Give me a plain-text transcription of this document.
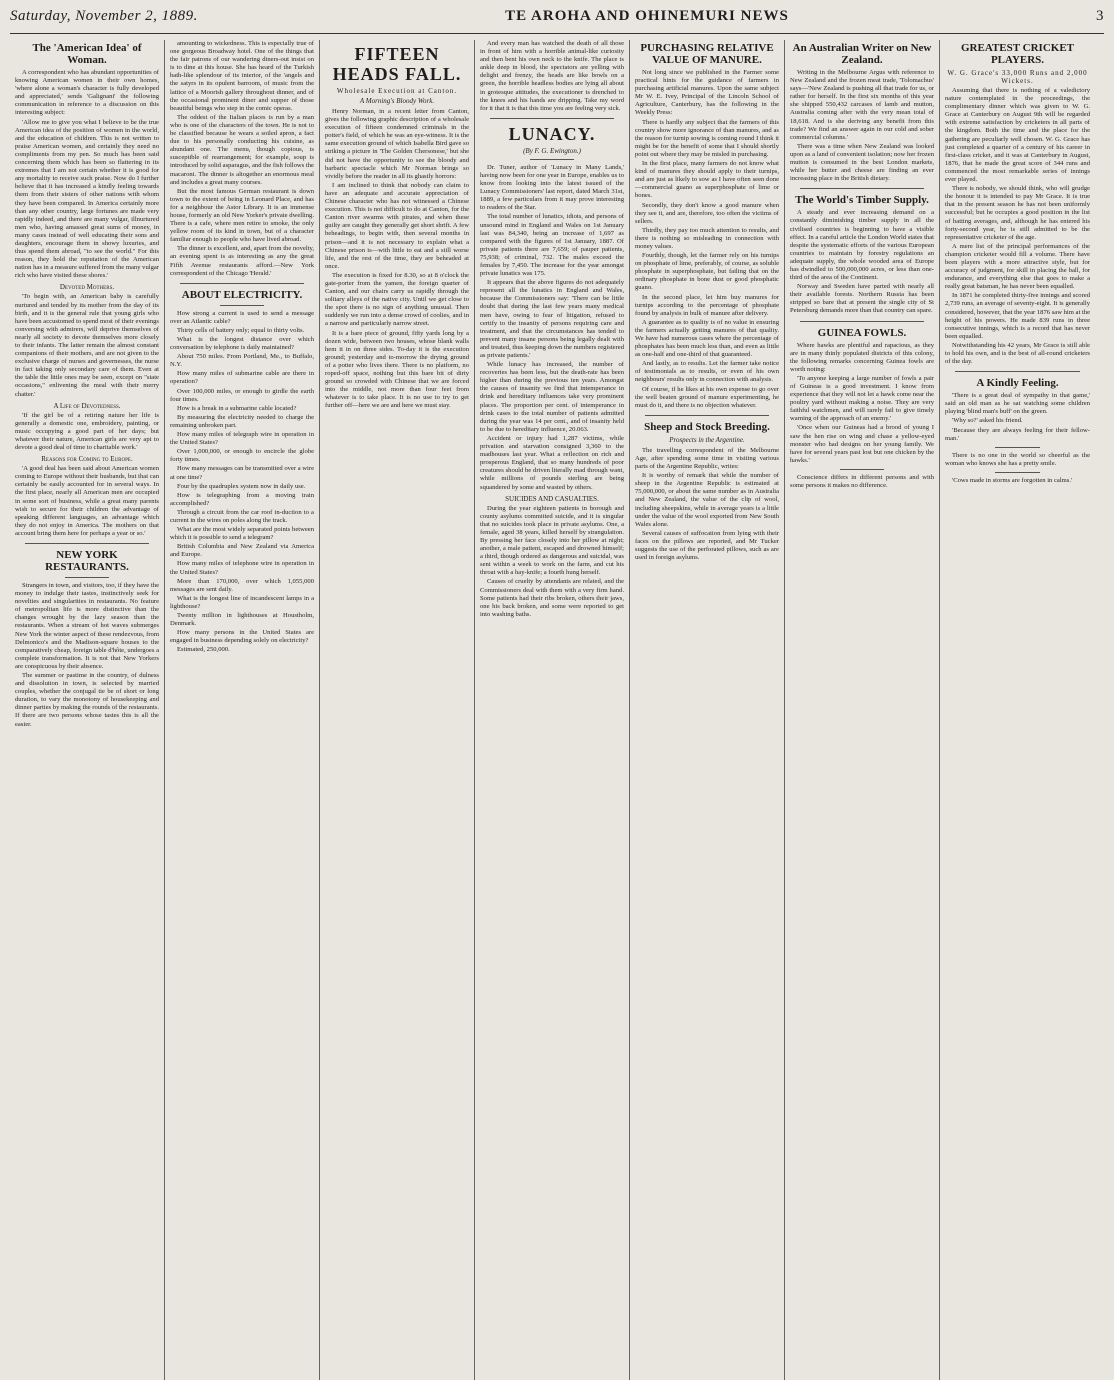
Saturday, November 2, 1889.	TE AROHA AND OHINEMURI NEWS	3
The 'American Idea' of Woman.

A correspondent who has abundant opportunities of knowing American women in their own homes, 'where alone a woman's character is fully developed and appreciated,' sends 'Galignani' the following communication in reference to a discussion on this interesting subject:

'Allow me to give you what I believe to be the true American idea of the position of women in the world, and the education of children. This is not written to praise American women, and certainly they need no compliments from my pen. So much has been said concerning them which has been so flattering in its extremes that I am not certain whether it is good for any mortality to receive such praise. Now do I further believe that it has increased a kindly feeling towards them from their sisters of other nations with whom they have been compared. In America certainly more than any other country, large fortunes are made very rapidly indeed, and there are many vulgar, illnurtured men who, having amassed great sums of money, in many cases instead of well educating their sons and daughters, encourage them in showy luxuries, and thus spend them abroad, "to see the world." For this reason, they hold the reputation of the American nation has in a measure suffered from the many vulgar rich who have visited these shores.'

Devoted Mothers.

'To begin with, an American baby is carefully nurtured and tended by its mother from the day of its birth, and it is the general rule that young girls who have been accustomed to spend most of their evenings conversing with admirers, will deprive themselves of nearly all society to devote themselves more closely to their infants. The latter remain the almost constant companions of their mothers, and are not given to the exclusive charge of nurses and governesses, the nurse in fact taking only secondary care of them. Even at the table the little ones may be seen, except on "state occasions," enlivening the meal with their merry chatter.'

A Life of Devotedness.

'If the girl be of a retiring nature her life is generally a domestic one, embroidery, painting, or music occupying a good part of her days; but whatever their nature, American girls are very apt to devote a good deal of time to charitable work.'

Reasons for Coming to Europe.

'A good deal has been said about American women coming to Europe without their husbands, but that can certainly be easily accounted for in several ways. In the first place, nearly all American men are occupied in some sort of business, while a great many parents wish to secure for their children the advantage of speaking different languages, an advantage which they do not enjoy in America. The mothers on that account bring them here for perhaps a year or so.'

NEW YORK RESTAURANTS.

Strangers in town, and visitors, too, if they have the money to indulge their tastes, instinctively seek for novelties and singularities in restaurants. No feature of metropolitan life is more distinctive than the changes wrought by the lazy season than the restaurants. When a stream of hot waves submerges New York the winter aspect of these rendezvous, from Delmonico's and the Madison-square houses to the comparatively cheap, foreign table d'hôte, undergoes a complete transformation. It is not that New Yorkers are conspicuous by their absence.

The summer or pastime in the country, of dulness and dissolution in town, is selected by married couples, whether the conjugal tie be of short or long duration, to vary the monotony of housekeeping and dinner parties by making the rounds of the restaurants. If there are two persons whose tastes this is all the easier.

amounting to wickedness. This is especially true of one gorgeous Broadway hotel. One of the things that the fair patrons of our wandering diners-out insist on is to dine at this house. She has heard of the Turkish bath-like splendour of its interior, of the 'angels and the satyrs in its opulent barroom, of music from the lattice of a Moorish gallery throughout dinner, and of the occasional prominent diner and supper of those beautiful beings who step in the comic operas.

The oddest of the Italian places is run by a man who is one of the characters of the town. He is not to be classified because he wears a soiled apron, a fact due to his personally conducting his cuisine, as abundant one. The menu, though copious, is susceptible of rearrangement; for example, soup is introduced by solid asparagus, and the fish follows the macaroni. The dinner is altogether an enormous meal and includes a great many courses.

But the most famous German restaurant is down town to the extent of being in Leonard Place, and has for a neighbour the Astor Library. It is an immense house, formerly an old New Yorker's private dwelling. There is a cafe, where men retire to smoke, the only yellow room of its kind in town, but of a character familiar enough to people who have lived abroad.

The dinner is excellent, and, apart from the novelty, an evening spent is as interesting as any the great Fifth Avenue restaurants afford.—New York correspondent of the Chicago 'Herald.'

ABOUT ELECTRICITY.

How strong a current is used to send a message over an Atlantic cable?

Thirty cells of battery only; equal to thirty volts.

What is the longest distance over which conversation by telephone is daily maintained?

About 750 miles. From Portland, Me., to Buffalo, N.Y.

How many miles of submarine cable are there in operation?

Over 100,000 miles, or enough to girdle the earth four times.

How is a break in a submarine cable located?

By measuring the electricity needed to charge the remaining unbroken part.

How many miles of telegraph wire in operation in the United States?

Over 1,000,000, or enough to encircle the globe forty times.

How many messages can be transmitted over a wire at one time?

Four by the quadruplex system now in daily use.

How is telegraphing from a moving train accomplished?

Through a circuit from the car roof in-duction to a current in the wires on poles along the track.

What are the most widely separated points between which it is possible to send a telegram?

British Columbia and New Zealand via America and Europe.

How many miles of telephone wire in operation in the United States?

More than 170,000, over which 1,055,000 messages are sent daily.

What is the longest line of incandescent lamps in a lighthouse?

Twenty million in lighthouses at Houstholm, Denmark.

How many persons in the United States are engaged in business depending solely on electricity?

Estimated, 250,000.

FIFTEEN HEADS FALL.
Wholesale Execution at Canton.
A Morning's Bloody Work.

Henry Norman, in a recent letter from Canton, gives the following graphic description of a wholesale execution of fifteen condemned criminals in the potter's field, of which he was an eye-witness. It is the same execution ground of which Isabella Bird gave so striking a picture in 'The Golden Chersonese,' but she did not have the opportunity to see the bloody and barbaric spectacle which Mr Norman brings so vividly before the reader in all its ghastly horrors:

I am inclined to think that nobody can claim to have an adequate and accurate appreciation of Chinese character who has not witnessed a Chinese execution. This is not difficult to do at Canton, for the Canton river swarms with pirates, and when these guilty are caught they generally get short shrift. A few beheadings, to begin with, then several months in prison—and it is not necessary to explain what a Chinese prison is—with little to eat and a still worse life, and the rest of the time, they are beheaded at once.

The execution is fixed for 8.30, so at 8 o'clock the gate-porter from the yamen, the foreign quarter of Canton, and our chairs carry us rapidly through the solitary alleys of the native city. Until we get close to the spot there is no sign of anything unusual. Then suddenly we run into a dense crowd of coolies, and in a narrow and particularly narrow street.

It is a bare piece of ground, fifty yards long by a dozen wide, between two houses, whose blank walls hem it in on three sides. To-day it is the execution ground; yesterday and to-morrow the drying ground of a potter who lives there. There is no platform, no roped-off space, nothing but this bare bit of dirty ground so crowded with Chinese that we are forced into the middle, not more than four feet from whatever is to take place. It is no use to try to get further off—here we are and here we must stay.

And every man has watched the death of all those in front of him with a horrible animal-like curiosity and then bent his own neck to the knife. The place is ankle deep in blood, the spectators are yelling with delight and frenzy, the heads are like bowls on a green, the horrible headless bodies are lying all about in grotesque attitudes, the executioner is drenched to the knees and his hands are dripping. Take my word for it that it is that this time you are feeling very sick.

LUNACY.
(By F. G. Ewington.)

Dr. Tuner, author of 'Lunacy in Many Lands,' having now been for one year in Europe, enables us to know from looking into the latest issued of the Lunacy Commissioners' last report, dated March 31st, 1889, a few particulars from it may prove interesting to readers of the Star.

The total number of lunatics, idiots, and persons of unsound mind in England and Wales on 1st January last was 84,340, being an increase of 1,697 as compared with the figures of 1st January, 1887. Of private patients there are 7,659; of pauper patients, 75,938; of criminal, 732. The males exceed the females by 7,450. The increase for the year amongst private lunatics was 175.

It appears that the above figures do not adequately represent all the lunatics in England and Wales, because the Commissioners say: 'There can be little doubt that during the last few years many medical men have, owing to fear of litigation, refused to certify to the insanity of persons requiring care and treatment, and that the circumstances has tended to prevent many insane persons being legally dealt with and treated, thus keeping down the numbers registered as private patients.'

While lunacy has increased, the number of recoveries has been less, but the death-rate has been higher than during the previous ten years. Amongst the causes of insanity we find that intemperance in drink and hereditary influences take very prominent places. The proportion per cent. of intemperance in drink cases to the total number of patients admitted during the year was 14 per cent., and of insanity held to be due to hereditary influence, 20.063.

Accident or injury had 1,287 victims, while privation and starvation consigned 3,360 to the madhouses last year. What a reflection on rich and prosperous England, that so many hundreds of poor creatures should be driven literally mad through want, while millions of pounds sterling are being squandered by some and wasted by others.

SUICIDES AND CASUALTIES.

During the year eighteen patients in borough and county asylums committed suicide, and it is singular that no suicides took place in private asylums. One, a female, aged 38 years, killed herself by strangulation. By pressing her face closely into her pillow at night; another, a male patient, escaped and drowned himself; a third, though ordered as dangerous and suicidal, was sent within a week to work on the farm, and cut his throat with a hay-knife; a fourth hung herself.

Causes of cruelty by attendants are related, and the Commissioners deal with them with a very firm hand. Some patients had their ribs broken, others their jaws, one his back broken, and some were reported to get into washing baths.

PURCHASING RELATIVE VALUE OF MANURE.

Not long since we published in the Farmer some practical hints for the guidance of farmers in purchasing artificial manures. Upon the same subject Mr W. E. Ivey, Principal of the Lincoln School of Agriculture, Canterbury, has the following in the Weekly Press:

There is hardly any subject that the farmers of this country show more ignorance of than manures, and as the reason for turnip sowing is coming round I think it might be for the benefit of some that I should shortly point out where they may be misled in purchasing.

In the first place, many farmers do not know what kind of manures they should apply to their turnips, and are just as likely to sow as I have often seen done—commercial guano as superphosphate of lime or bones.

Secondly, they don't know a good manure when they see it, and are, therefore, too often the victims of sellers.

Thirdly, they pay too much attention to results, and there is nothing so misleading in connection with money values.

Fourthly, though, let the farmer rely on his turnips on phosphate of lime, preferably, of course, as soluble phosphate in superphosphate, but failing that on the ordinary phosphate in bone dust or good phosphatic guano.

In the second place, let him buy manures for turnips according to the percentage of phosphate found by analysis in bulk of manure after delivery.

A guarantee as to quality is of no value in ensuring the farmers actually getting manures of that quality. We have had numerous cases where the percentage of phosphates has been much less than, and even as little as one-half and one-third of that guaranteed.

And lastly, as to results. Let the farmer take notice of testimonials as to results, or even of his own neighbours' results only in connection with analysis.

Of course, if he likes at his own expense to go over the well beaten ground of manure experimenting, he must do it, and there is no objection whatever.

Sheep and Stock Breeding.
Prospects in the Argentine.

The travelling correspondent of the Melbourne Age, after spending some time in visiting various parts of the Argentine Republic, writes:

It is worthy of remark that while the number of sheep in the Argentine Republic is estimated at 75,000,000, or about the same number as in Australia and New Zealand, the value of the clip of wool, including sheepskins, while in average years is a little under the value of the wool exported from New South Wales alone.

Several causes of suffocation from lying with their faces on the pillows are reported, and Mr Tucker suggests the use of the perforated pillows, such as are used in foreign asylums.

An Australian Writer on New Zealand.

Writing in the Melbourne Argus with reference to New Zealand and the frozen meat trade, 'Tolomachus' says—'New Zealand is pushing all that trade for us, or rather for herself. In the first six months of this year she shipped 550,432 carcases of lamb and mutton, Australia coming after with the very mean total of 18,618. And is she deriving any benefit from this trade? We find an answer again in our cold and sober commercial columns.'

There was a time when New Zealand was looked upon as a land of convenient isolation; now her frozen mutton is consumed in the best London markets, while her butter and cheese are finding an ever increasing place in the British dietary.

The World's Timber Supply.

A steady and ever increasing demand on a constantly diminishing timber supply in all the civilised countries is beginning to have a visible effect. In a careful article the London World states that despite the systematic efforts of the various European countries to maintain by forestry regulations an adequate supply, the whole wooded area of Europe has dwindled to 500,000,000 acres, or less than one-third of the area of the Continent.

Norway and Sweden have parted with nearly all their available forests. Northern Russia has been stripped so bare that at present the single city of St Petersburg demands more than that country can spare.

GUINEA FOWLS.

Where hawks are plentiful and rapacious, as they are in many thinly populated districts of this colony, the following remarks concerning Guinea fowls are worth noting:

'To anyone keeping a large number of fowls a pair of Guineas is a good investment. I know from experience that they will not let a hawk come near the poultry yard without making a noise. They are very faithful watchmen, and will rarely fail to give timely warning of the approach of an enemy.'

'Once when our Guineas had a brood of young I saw the hen rise on wing and chase a yellow-eyed monster who had designs on her young family. We have for several years past lost but one chicken by the hawks.'

Conscience differs in different persons and with some persons it makes no difference.

GREATEST CRICKET PLAYERS.
W. G. Grace's 33,000 Runs and 2,000 Wickets.

Assuming that there is nothing of a valedictory nature contemplated in the proceedings, the complimentary dinner which was given to W. G. Grace at Canterbury on August 9th will be regarded with extreme satisfaction by cricketers in all parts of the kingdom. Both the time and the place for the gathering are peculiarly well chosen. W. G. Grace has just completed a quarter of a century of his career in first-class cricket, and it was at Canterbury in August, 1876, that he made the great score of 344 runs and commenced the most remarkable series of innings ever played.

There is nobody, we should think, who will grudge the honour it is intended to pay Mr Grace. It is true that in the present season he has not been uniformly successful; but he occupies a good position in the list of batting averages, and, although he has entered his forty-second year, he is still admitted to be the representative cricketer of the age.

A mere list of the principal performances of the champion cricketer would fill a volume. There have been players with a more attractive style, but for accuracy of judgment, for skill in placing the ball, for endurance, and everything else that goes to make a really great batsman, he has never been equalled.

In 1871 he completed thirty-five innings and scored 2,739 runs, an average of seventy-eight. It is generally considered, however, that the year 1876 saw him at the height of his powers. He made 839 runs in three consecutive innings, which is a record that has never been equalled.

Notwithstanding his 42 years, Mr Grace is still able to hold his own, and is the best of all-round cricketers of the day.

A Kindly Feeling.

'There is a great deal of sympathy in that game,' said an old man as he sat watching some children playing 'blind man's buff' on the green.

'Why so?' asked his friend.

'Because they are always feeling for their fellow-man.'

There is no one in the world so cheerful as the woman who knows she has a pretty smile.

'Cows made in storms are forgotten in calms.'
